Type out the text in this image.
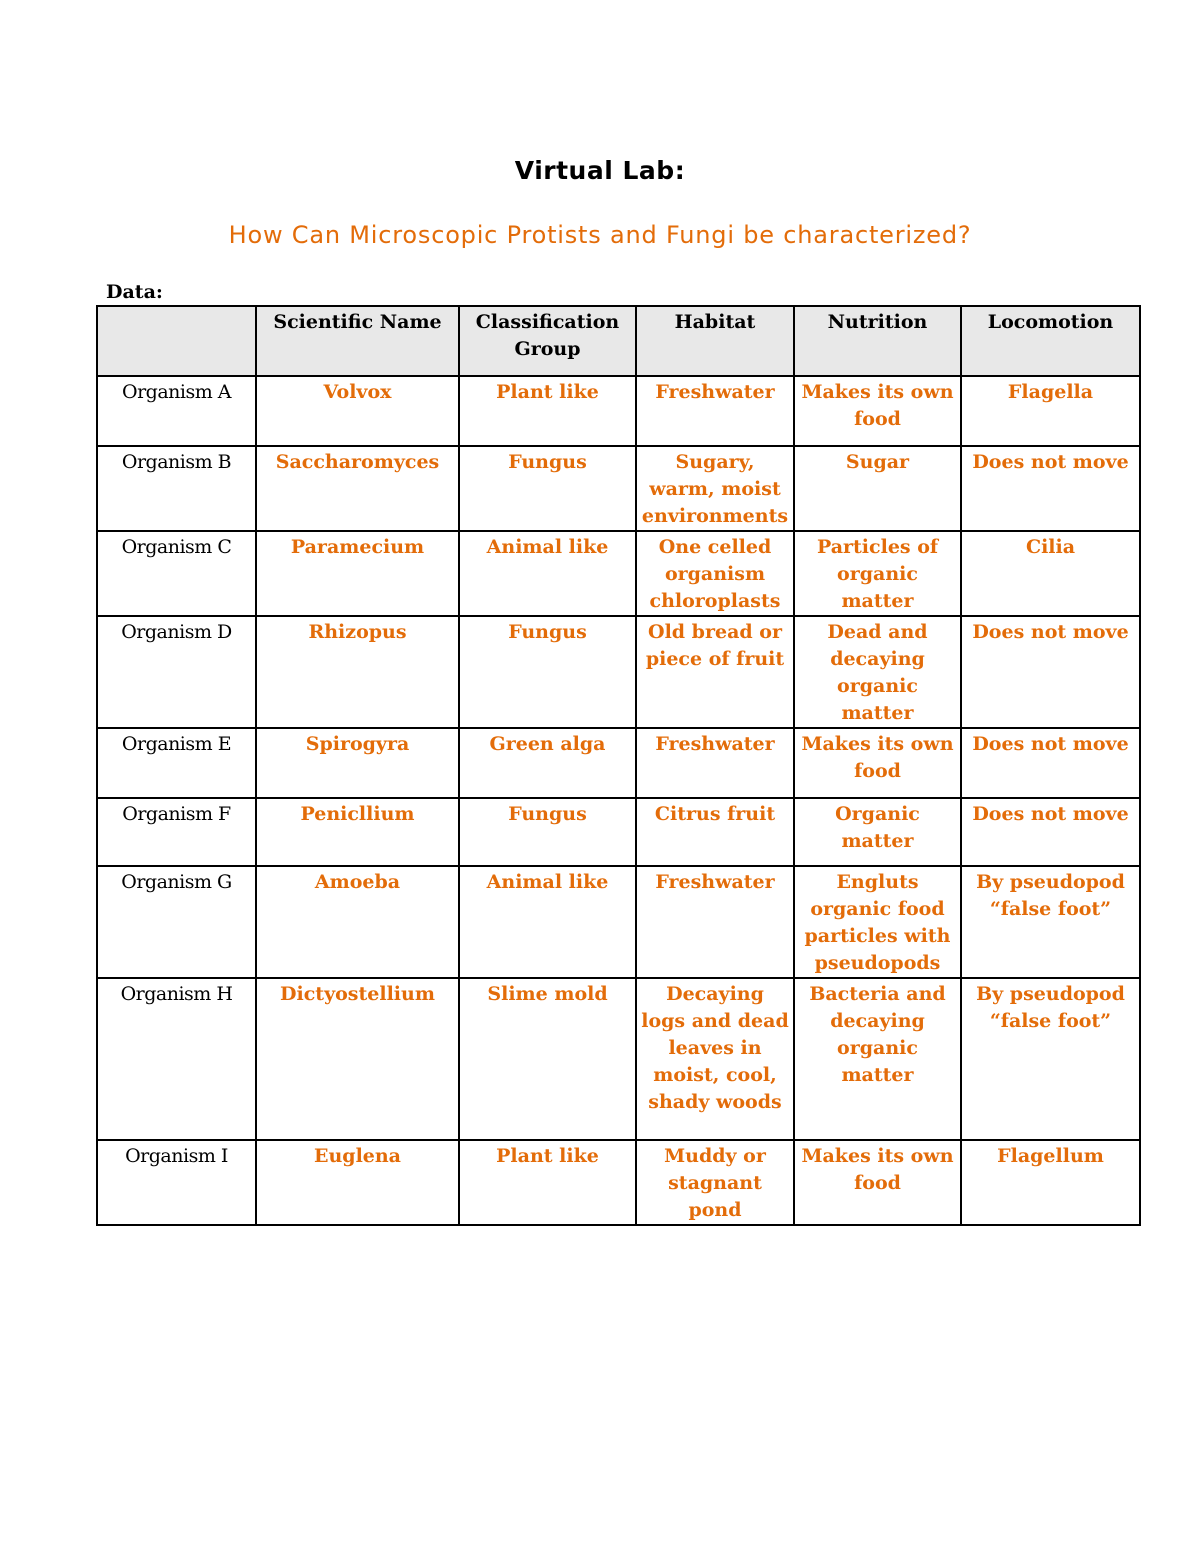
Virtual Lab:
How Can Microscopic Protists and Fungi be characterized?
Data:
	Scientific Name	Classification Group	Habitat	Nutrition	Locomotion
Organism A	Volvox	Plant like	Freshwater	Makes its own food	Flagella
Organism B	Saccharomyces	Fungus	Sugary, warm, moist environments	Sugar	Does not move
Organism C	Paramecium	Animal like	One celled organism chloroplasts	Particles of organic matter	Cilia
Organism D	Rhizopus	Fungus	Old bread or piece of fruit	Dead and decaying organic matter	Does not move
Organism E	Spirogyra	Green alga	Freshwater	Makes its own food	Does not move
Organism F	Penicllium	Fungus	Citrus fruit	Organic matter	Does not move
Organism G	Amoeba	Animal like	Freshwater	Engluts organic food particles with pseudopods	By pseudopod “false foot”
Organism H	Dictyostellium	Slime mold	Decaying logs and dead leaves in moist, cool, shady woods	Bacteria and decaying organic matter	By pseudopod “false foot”
Organism I	Euglena	Plant like	Muddy or stagnant pond	Makes its own food	Flagellum
